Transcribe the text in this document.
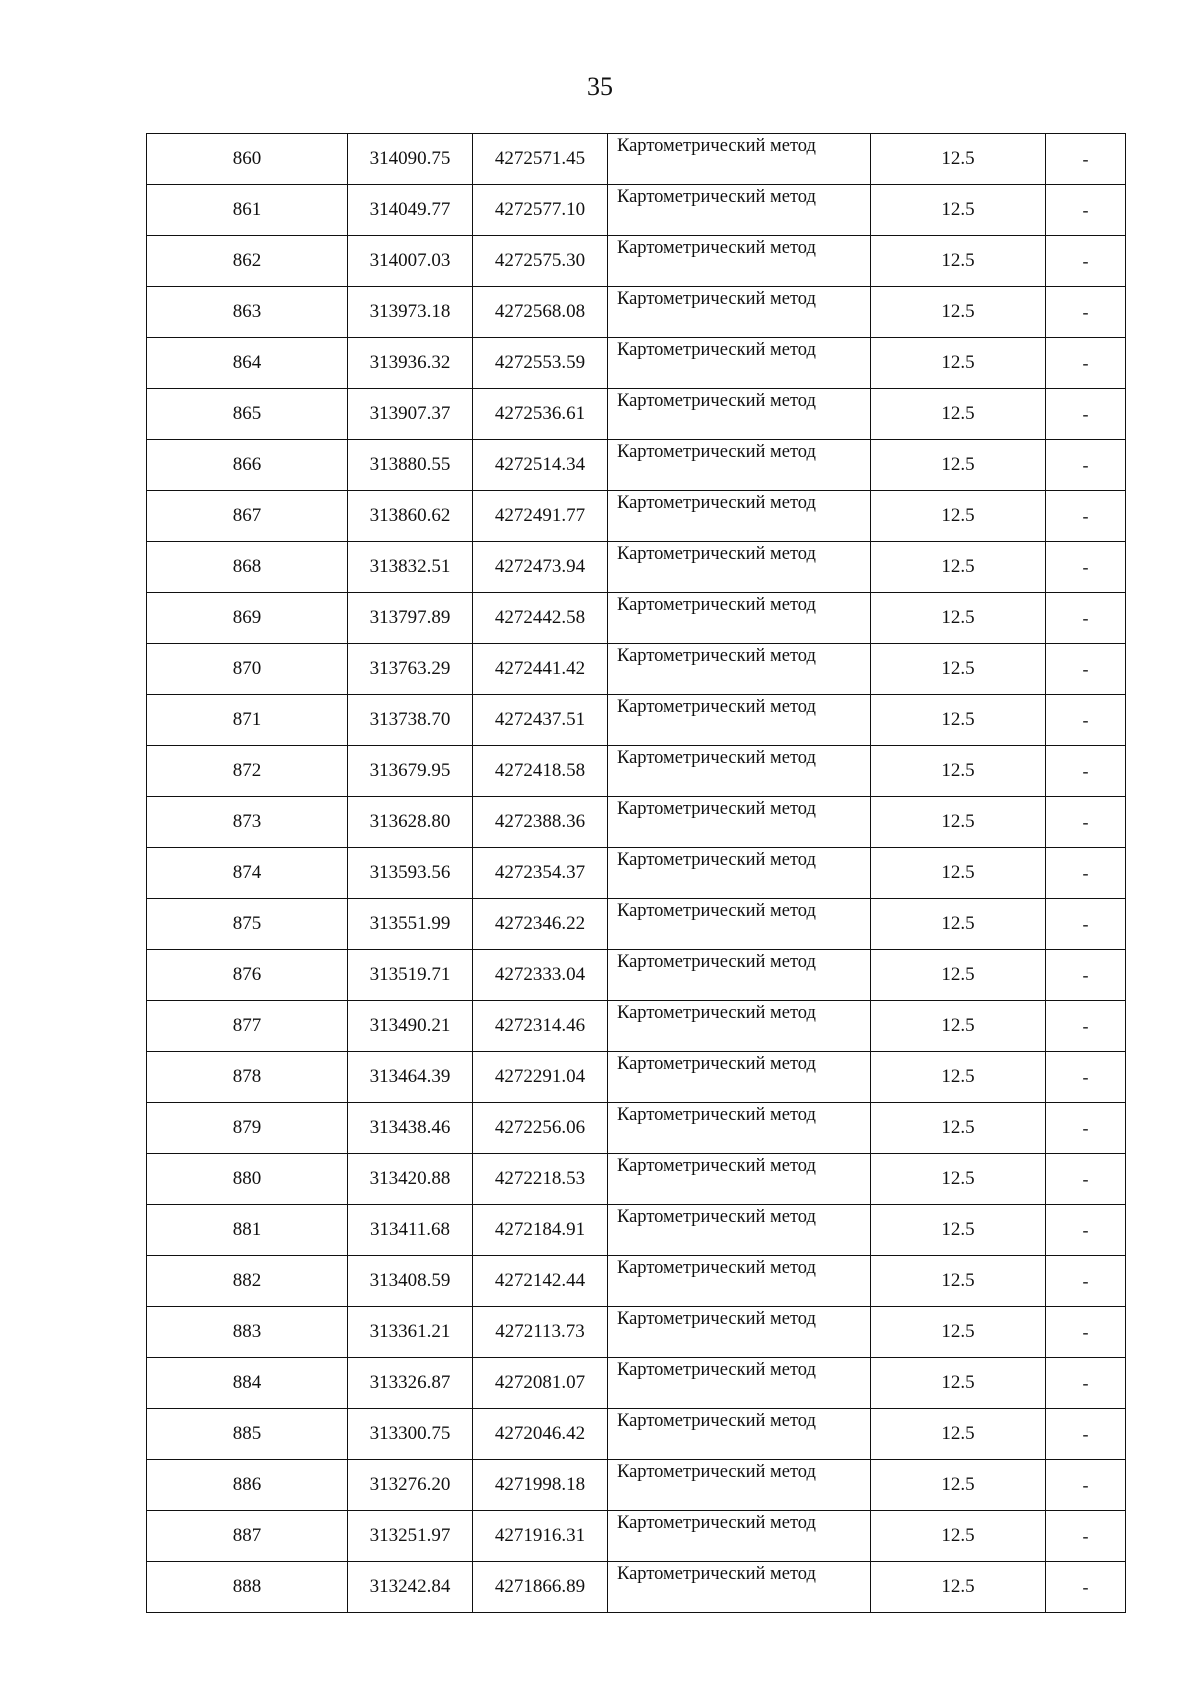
35
860	314090.75	4272571.45	Картометрический метод	12.5	-
861	314049.77	4272577.10	Картометрический метод	12.5	-
862	314007.03	4272575.30	Картометрический метод	12.5	-
863	313973.18	4272568.08	Картометрический метод	12.5	-
864	313936.32	4272553.59	Картометрический метод	12.5	-
865	313907.37	4272536.61	Картометрический метод	12.5	-
866	313880.55	4272514.34	Картометрический метод	12.5	-
867	313860.62	4272491.77	Картометрический метод	12.5	-
868	313832.51	4272473.94	Картометрический метод	12.5	-
869	313797.89	4272442.58	Картометрический метод	12.5	-
870	313763.29	4272441.42	Картометрический метод	12.5	-
871	313738.70	4272437.51	Картометрический метод	12.5	-
872	313679.95	4272418.58	Картометрический метод	12.5	-
873	313628.80	4272388.36	Картометрический метод	12.5	-
874	313593.56	4272354.37	Картометрический метод	12.5	-
875	313551.99	4272346.22	Картометрический метод	12.5	-
876	313519.71	4272333.04	Картометрический метод	12.5	-
877	313490.21	4272314.46	Картометрический метод	12.5	-
878	313464.39	4272291.04	Картометрический метод	12.5	-
879	313438.46	4272256.06	Картометрический метод	12.5	-
880	313420.88	4272218.53	Картометрический метод	12.5	-
881	313411.68	4272184.91	Картометрический метод	12.5	-
882	313408.59	4272142.44	Картометрический метод	12.5	-
883	313361.21	4272113.73	Картометрический метод	12.5	-
884	313326.87	4272081.07	Картометрический метод	12.5	-
885	313300.75	4272046.42	Картометрический метод	12.5	-
886	313276.20	4271998.18	Картометрический метод	12.5	-
887	313251.97	4271916.31	Картометрический метод	12.5	-
888	313242.84	4271866.89	Картометрический метод	12.5	-
